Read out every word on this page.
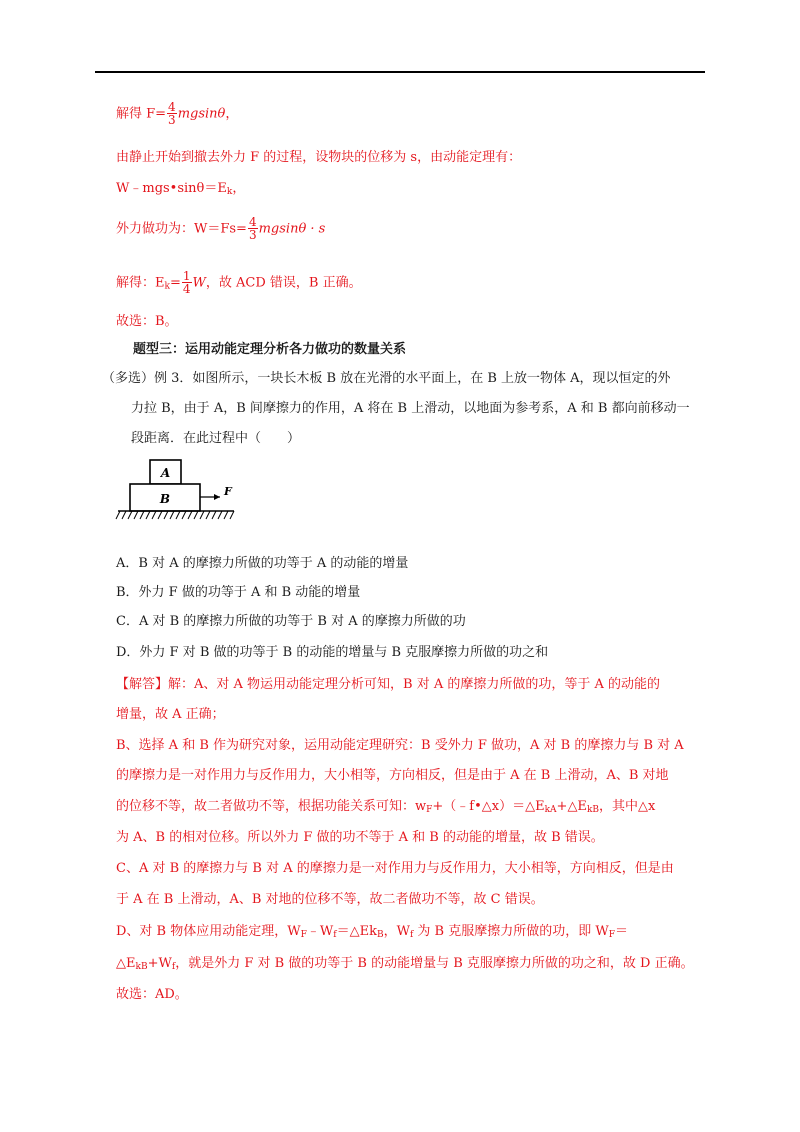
解得 $F= \frac{4}{3}$ mgsinθ，
由静止开始到撤去外力 F 的过程，设物块的位移为 s，由动能定理有：
$W﹣mgs•\sin\theta=E_k$，
外力做功为：$W=Fs= \frac{4}{3}$ mgsinθ · s
解得：$E_k= \frac{1}{4}$ W，故 ACD 错误，B 正确。
故选：B。
题型三：运用动能定理分析各力做功的数量关系
（多选）例 3．如图所示，一块长木板 B 放在光滑的水平面上，在 B 上放一物体 A，现以恒定的外
力拉 B，由于 A，B 间摩擦力的作用，A 将在 B 上滑动，以地面为参考系，A 和 B 都向前移动一
段距离．在此过程中（　　）
A
B
F
A．B 对 A 的摩擦力所做的功等于 A 的动能的增量
B．外力 F 做的功等于 A 和 B 动能的增量
C．A 对 B 的摩擦力所做的功等于 B 对 A 的摩擦力所做的功
D．外力 F 对 B 做的功等于 B 的动能的增量与 B 克服摩擦力所做的功之和
【解答】解：A、对 A 物运用动能定理分析可知，B 对 A 的摩擦力所做的功，等于 A 的动能的
增量，故 A 正确；
B、选择 A 和 B 作为研究对象，运用动能定理研究：B 受外力 F 做功，A 对 B 的摩擦力与 B 对 A
的摩擦力是一对作用力与反作用力，大小相等，方向相反，但是由于 A 在 B 上滑动，A、B 对地
的位移不等，故二者做功不等，根据功能关系可知：$w_F+(﹣f•\triangle x)=\triangle E_{kA}+\triangle E_{kB}$，其中△x
为 A、B 的相对位移。所以外力 F 做的功不等于 A 和 B 的动能的增量，故 B 错误。
C、A 对 B 的摩擦力与 B 对 A 的摩擦力是一对作用力与反作用力，大小相等，方向相反，但是由
于 A 在 B 上滑动，A、B 对地的位移不等，故二者做功不等，故 C 错误。
D、对 B 物体应用动能定理，$W_F﹣W_f=\triangle Ek_B$，$W_f$ 为 B 克服摩擦力所做的功，即 $W_F=$
$\triangle E_{kB}+W_f$，就是外力 F 对 B 做的功等于 B 的动能增量与 B 克服摩擦力所做的功之和，故 D 正确。
故选：AD。
